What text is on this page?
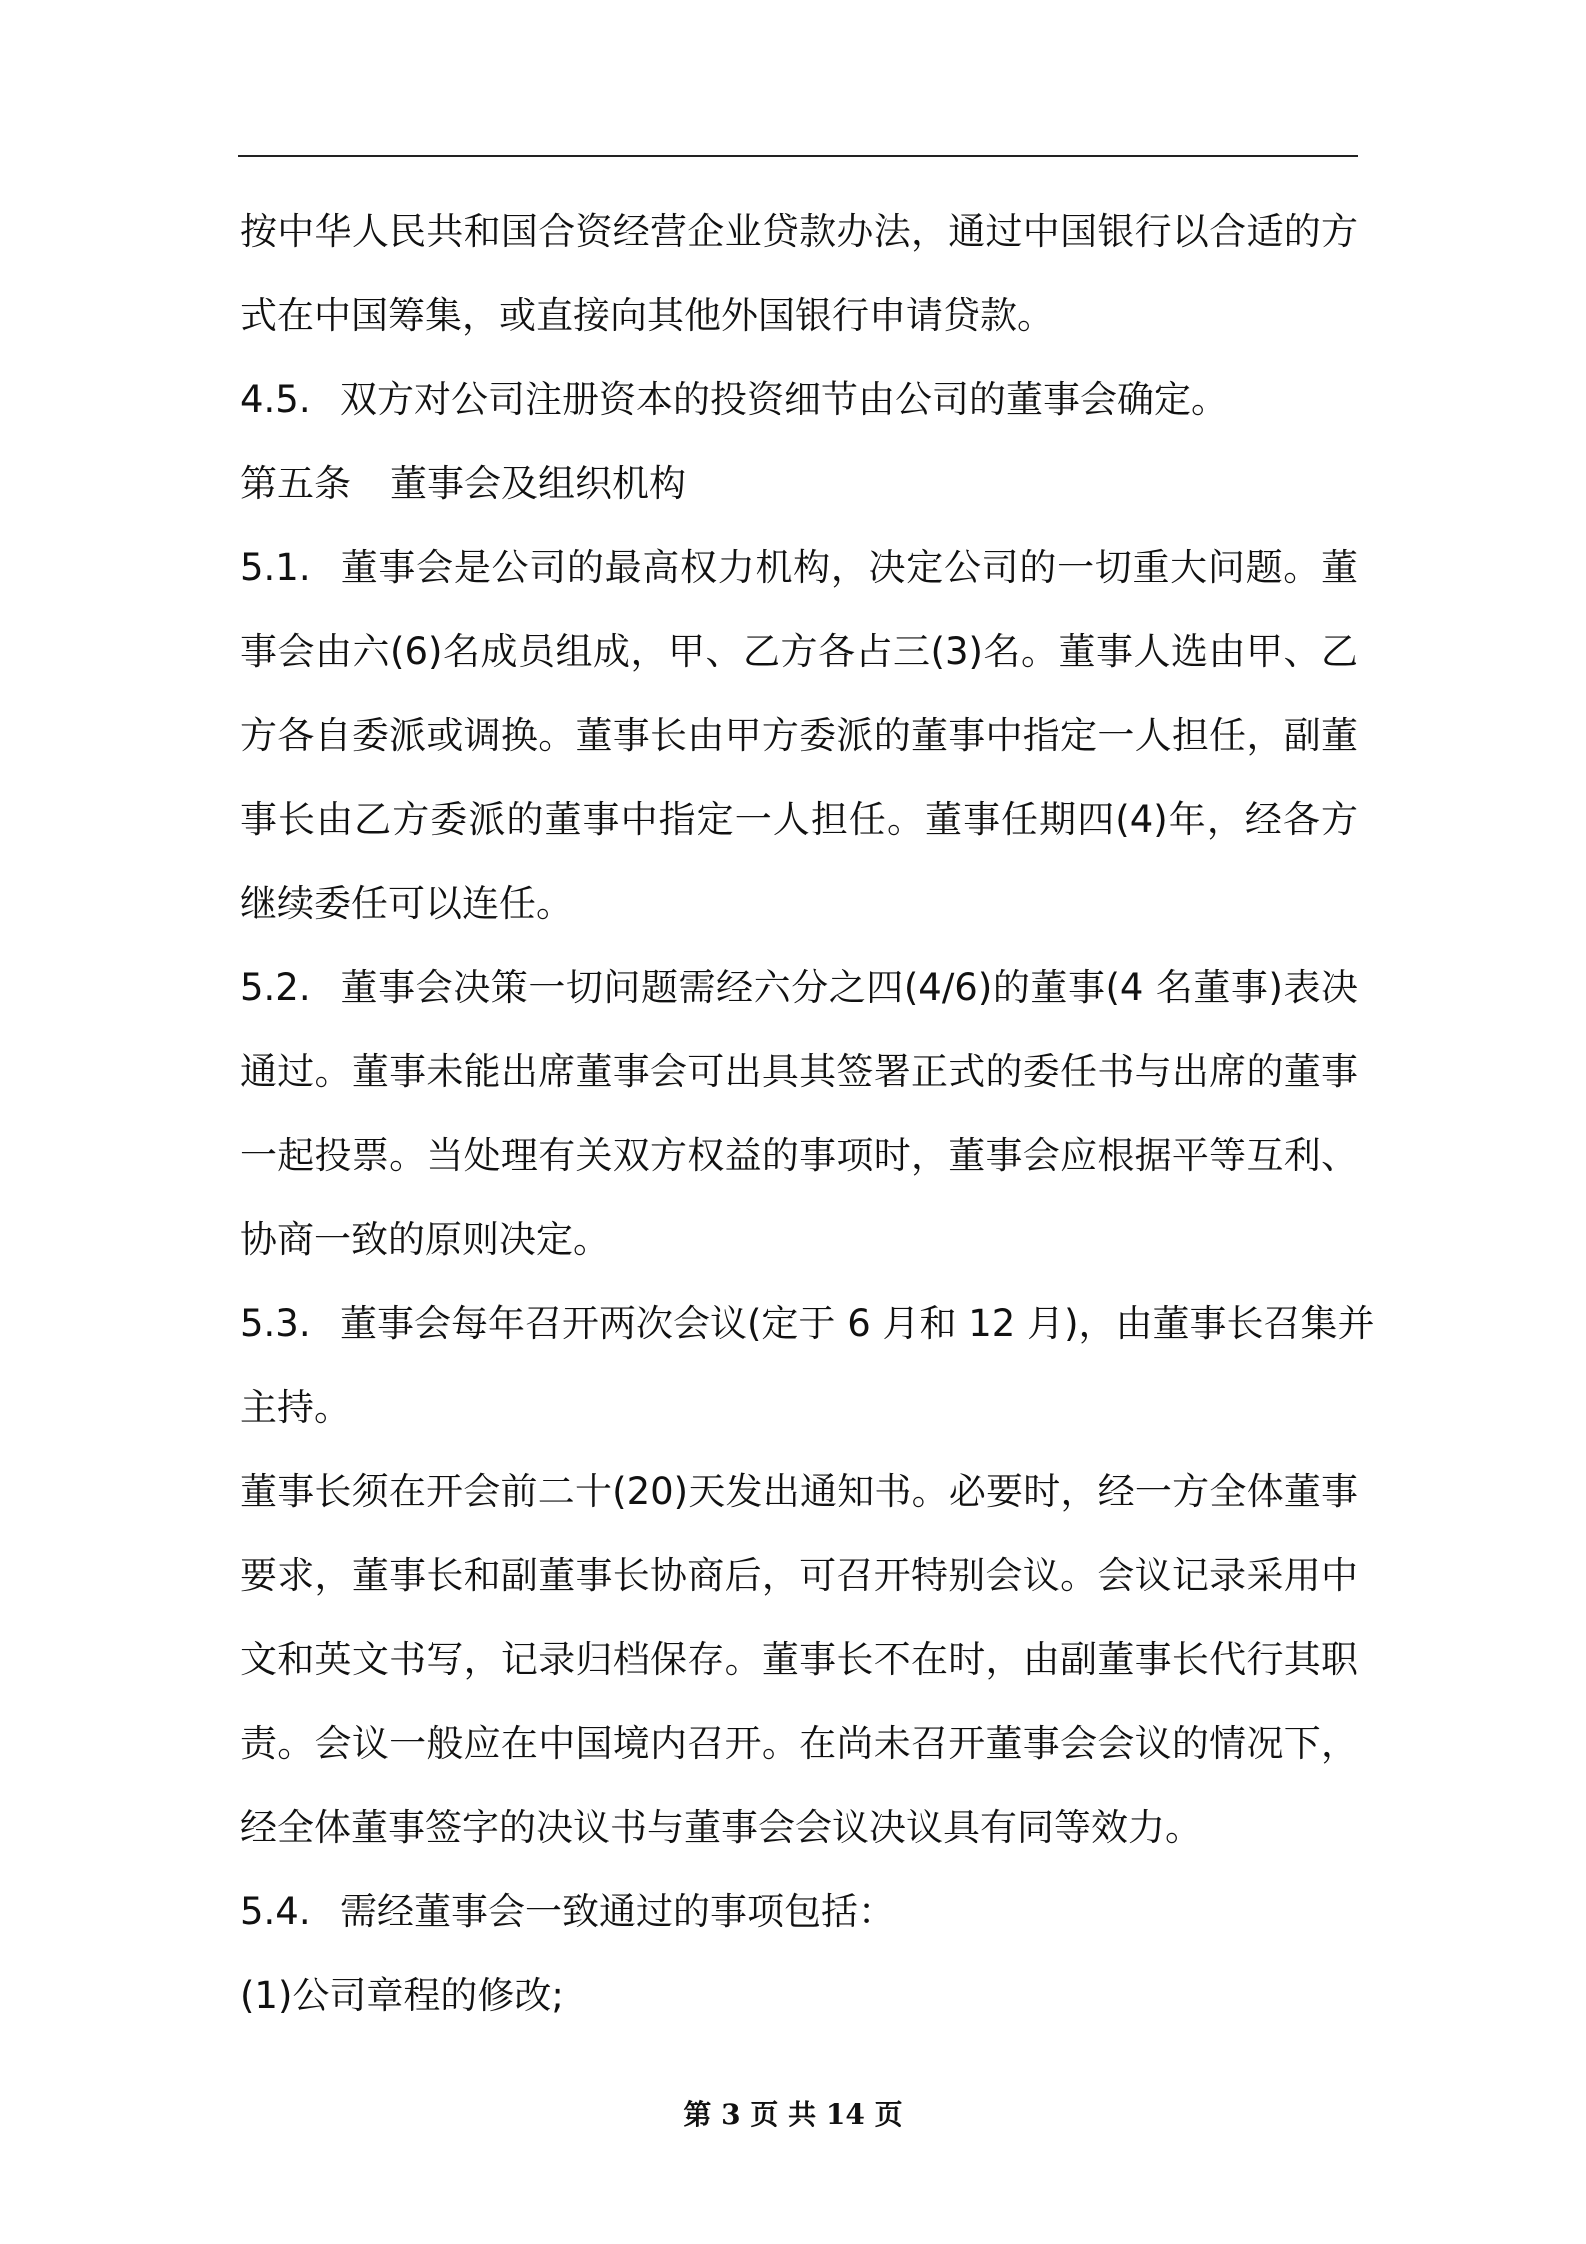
按中华人民共和国合资经营企业贷款办法，通过中国银行以合适的方
式在中国筹集，或直接向其他外国银行申请贷款。
4.5. 双方对公司注册资本的投资细节由公司的董事会确定。
第五条 董事会及组织机构
5.1. 董事会是公司的最高权力机构，决定公司的一切重大问题。董
事会由六(6)名成员组成，甲、乙方各占三(3)名。董事人选由甲、乙
方各自委派或调换。董事长由甲方委派的董事中指定一人担任，副董
事长由乙方委派的董事中指定一人担任。董事任期四(4)年，经各方
继续委任可以连任。
5.2. 董事会决策一切问题需经六分之四(4/6)的董事(4 名董事)表决
通过。董事未能出席董事会可出具其签署正式的委任书与出席的董事
一起投票。当处理有关双方权益的事项时，董事会应根据平等互利、
协商一致的原则决定。
5.3. 董事会每年召开两次会议(定于 6 月和 12 月)，由董事长召集并
主持。
董事长须在开会前二十(20)天发出通知书。必要时，经一方全体董事
要求，董事长和副董事长协商后，可召开特别会议。会议记录采用中
文和英文书写，记录归档保存。董事长不在时，由副董事长代行其职
责。会议一般应在中国境内召开。在尚未召开董事会会议的情况下，
经全体董事签字的决议书与董事会会议决议具有同等效力。
5.4. 需经董事会一致通过的事项包括：
(1)公司章程的修改;
第 3 页 共 14 页
